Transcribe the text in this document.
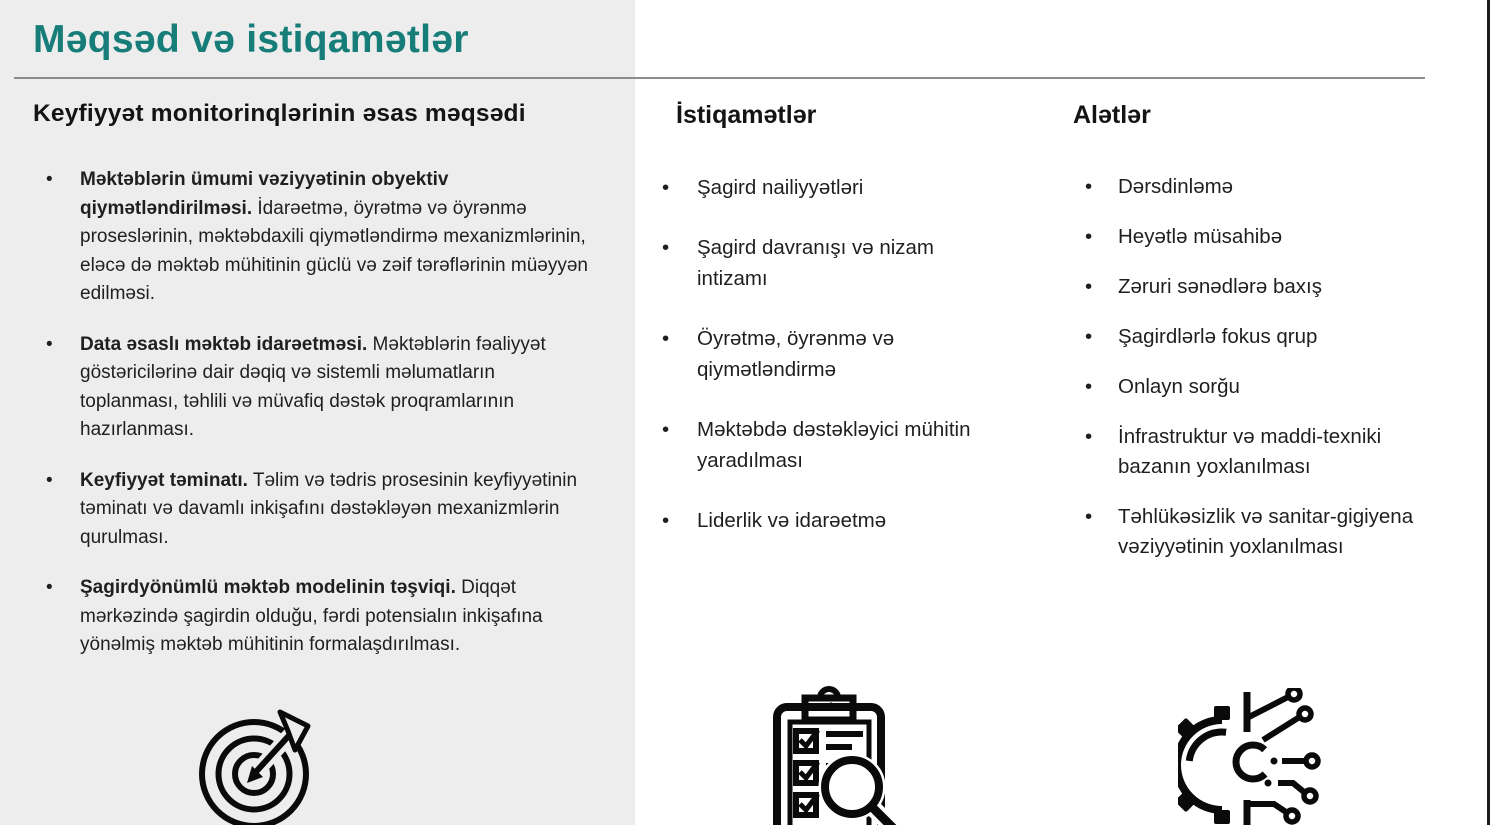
Məqsəd və istiqamətlər
Keyfiyyət monitorinqlərinin əsas məqsədi
• Məktəblərin ümumi vəziyyətinin obyektiv qiymətləndirilməsi. İdarəetmə, öyrətmə və öyrənmə proseslərinin, məktəbdaxili qiymətləndirmə mexanizmlərinin, eləcə də məktəb mühitinin güclü və zəif tərəflərinin müəyyən edilməsi.
• Data əsaslı məktəb idarəetməsi. Məktəblərin fəaliyyət göstəricilərinə dair dəqiq və sistemli məlumatların toplanması, təhlili və müvafiq dəstək proqramlarının hazırlanması.
• Keyfiyyət təminatı. Təlim və tədris prosesinin keyfiyyətinin təminatı və davamlı inkişafını dəstəkləyən mexanizmlərin qurulması.
• Şagirdyönümlü məktəb modelinin təşviqi. Diqqət mərkəzində şagirdin olduğu, fərdi potensialın inkişafına yönəlmiş məktəb mühitinin formalaşdırılması.
İstiqamətlər
• Şagird nailiyyətləri
• Şagird davranışı və nizam intizamı
• Öyrətmə, öyrənmə və qiymətləndirmə
• Məktəbdə dəstəkləyici mühitin yaradılması
• Liderlik və idarəetmə
Alətlər
• Dərsdinləmə
• Heyətlə müsahibə
• Zəruri sənədlərə baxış
• Şagirdlərlə fokus qrup
• Onlayn sorğu
• İnfrastruktur və maddi-texniki bazanın yoxlanılması
• Təhlükəsizlik və sanitar-gigiyena vəziyyətinin yoxlanılması
